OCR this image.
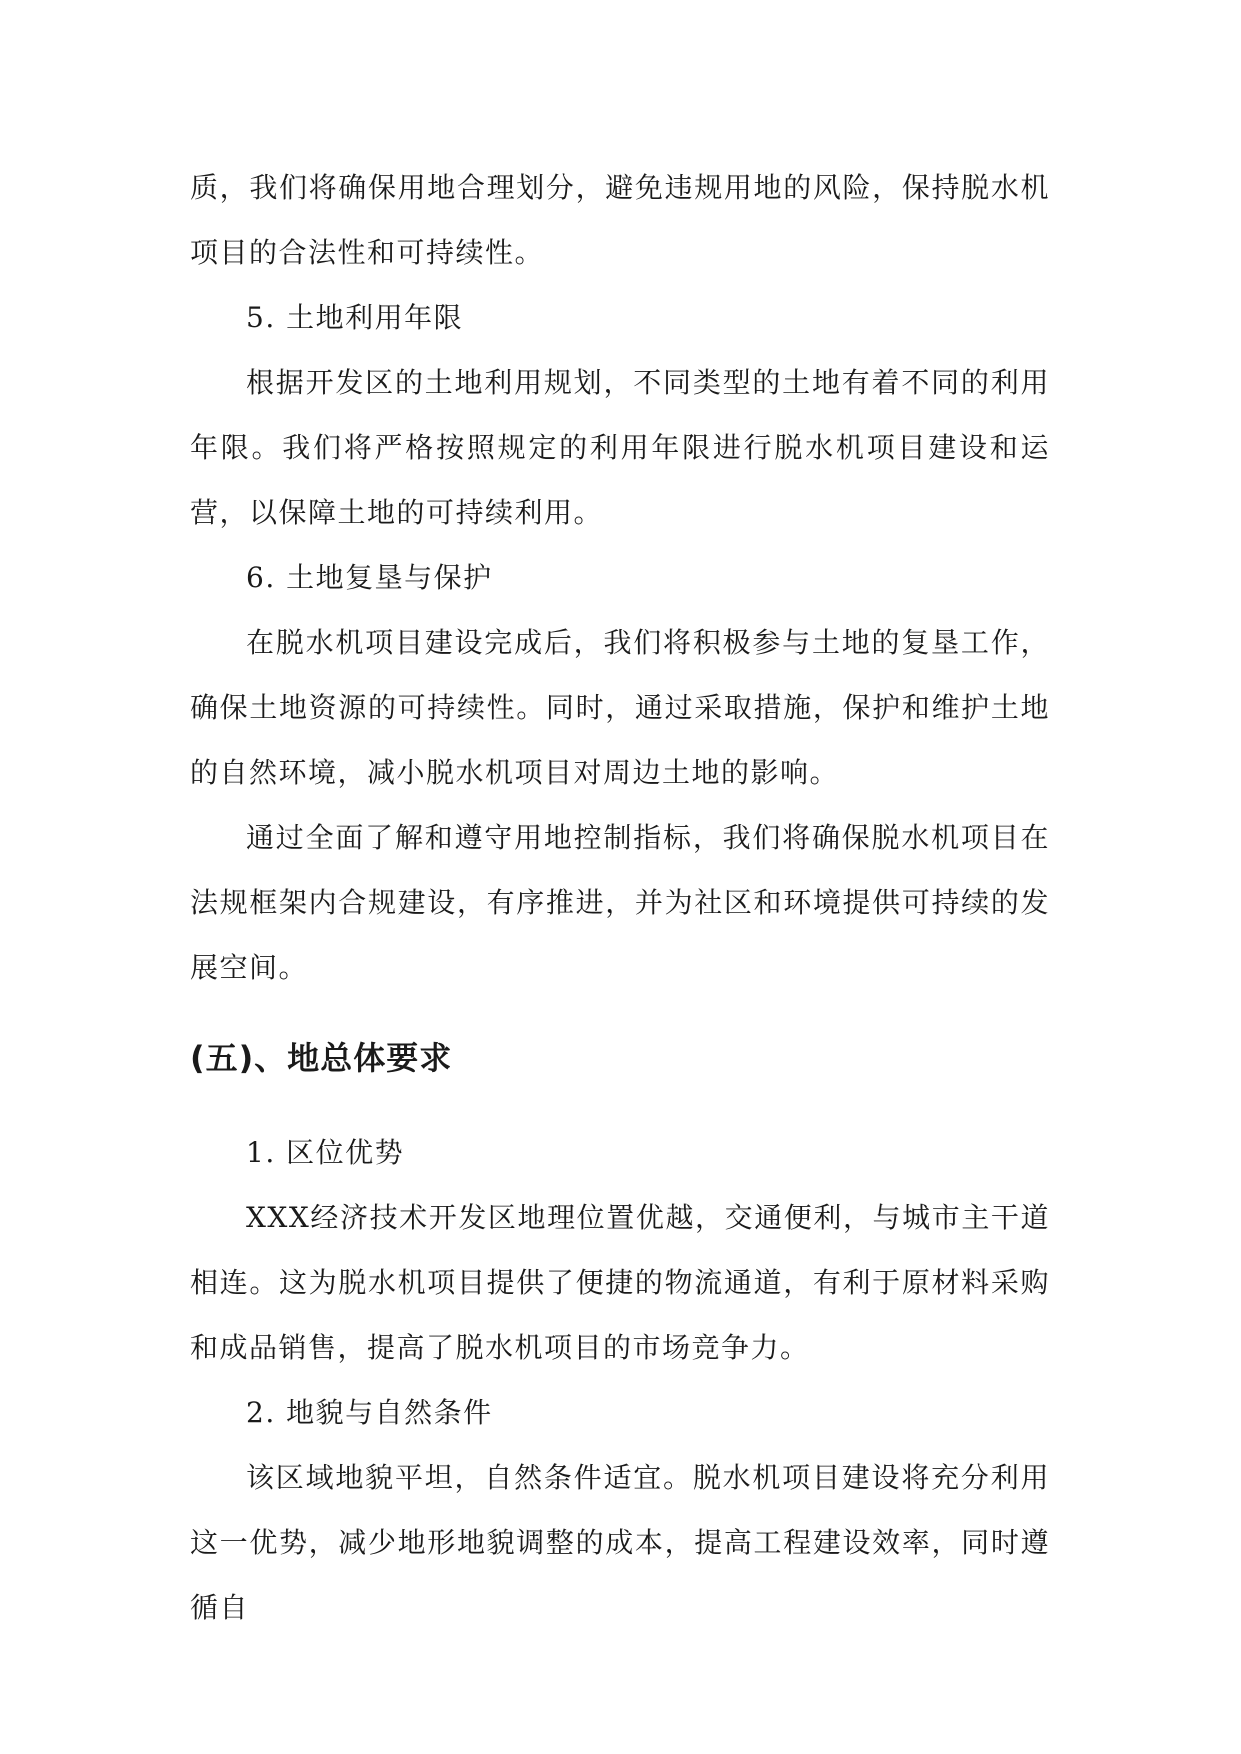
质，我们将确保用地合理划分，避免违规用地的风险，保持脱水机项目的合法性和可持续性。

5. 土地利用年限

根据开发区的土地利用规划，不同类型的土地有着不同的利用年限。我们将严格按照规定的利用年限进行脱水机项目建设和运营，以保障土地的可持续利用。

6. 土地复垦与保护

在脱水机项目建设完成后，我们将积极参与土地的复垦工作，确保土地资源的可持续性。同时，通过采取措施，保护和维护土地的自然环境，减小脱水机项目对周边土地的影响。

通过全面了解和遵守用地控制指标，我们将确保脱水机项目在法规框架内合规建设，有序推进，并为社区和环境提供可持续的发展空间。

(五)、地总体要求

1. 区位优势

XXX经济技术开发区地理位置优越，交通便利，与城市主干道相连。这为脱水机项目提供了便捷的物流通道，有利于原材料采购和成品销售，提高了脱水机项目的市场竞争力。

2. 地貌与自然条件

该区域地貌平坦，自然条件适宜。脱水机项目建设将充分利用这一优势，减少地形地貌调整的成本，提高工程建设效率，同时遵循自
